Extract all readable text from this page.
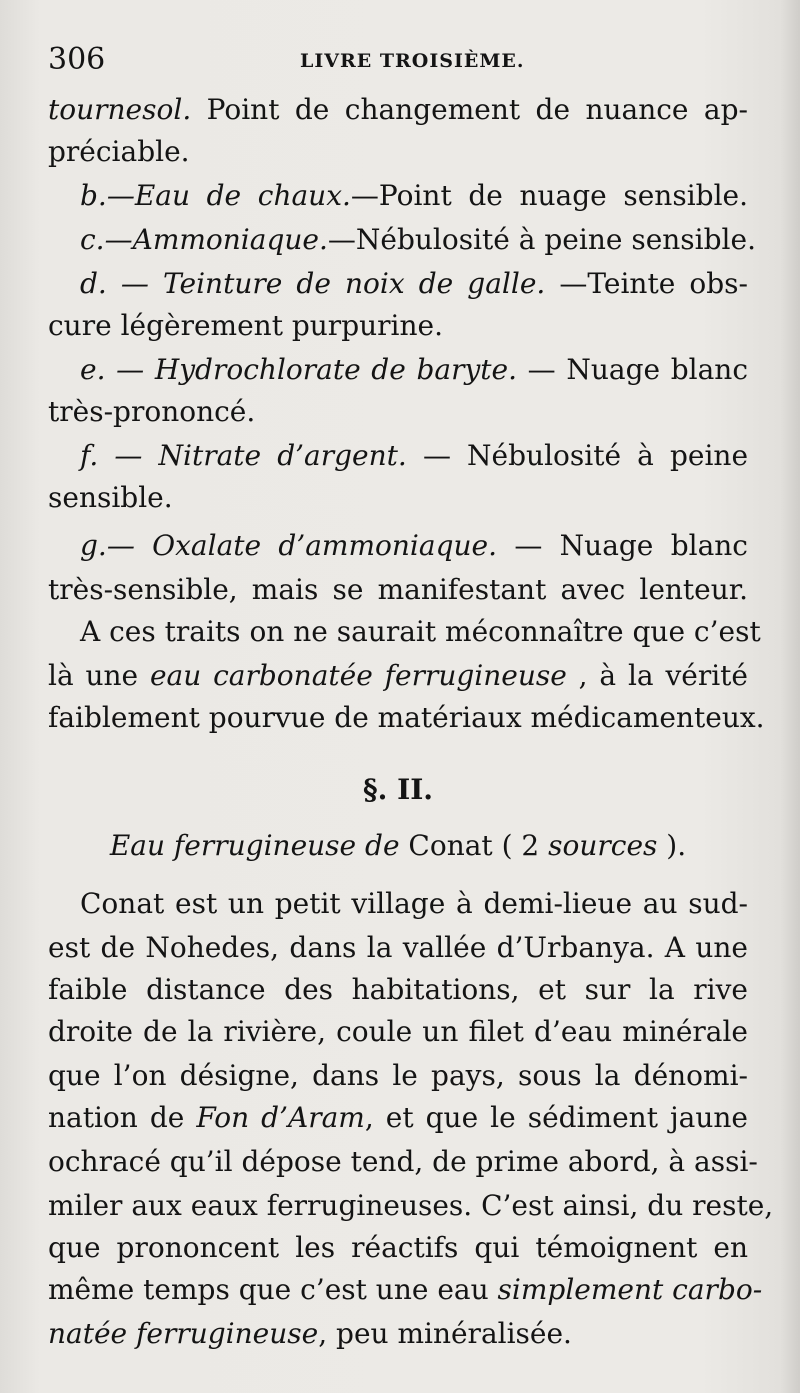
306	LIVRE TROISIÈME.
tournesol. Point de changement de nuance ap-
préciable.
b.—Eau de chaux.—Point de nuage sensible.
c.—Ammoniaque.—Nébulosité à peine sensible.
d. — Teinture de noix de galle. —Teinte obs-
cure légèrement purpurine.
e. — Hydrochlorate de baryte. — Nuage blanc
très-prononcé.
f. — Nitrate d’argent. — Nébulosité à peine
sensible.
g.— Oxalate d’ammoniaque. — Nuage blanc
très-sensible, mais se manifestant avec lenteur.
A ces traits on ne saurait méconnaître que c’est
là une eau carbonatée ferrugineuse , à la vérité
faiblement pourvue de matériaux médicamenteux.
§. II.
Eau ferrugineuse de Conat ( 2 sources ).
Conat est un petit village à demi-lieue au sud-
est de Nohedes, dans la vallée d’Urbanya. A une
faible distance des habitations, et sur la rive
droite de la rivière, coule un filet d’eau minérale
que l’on désigne, dans le pays, sous la dénomi-
nation de Fon d’Aram, et que le sédiment jaune
ochracé qu’il dépose tend, de prime abord, à assi-
miler aux eaux ferrugineuses. C’est ainsi, du reste,
que prononcent les réactifs qui témoignent en
même temps que c’est une eau simplement carbo-
natée ferrugineuse, peu minéralisée.
